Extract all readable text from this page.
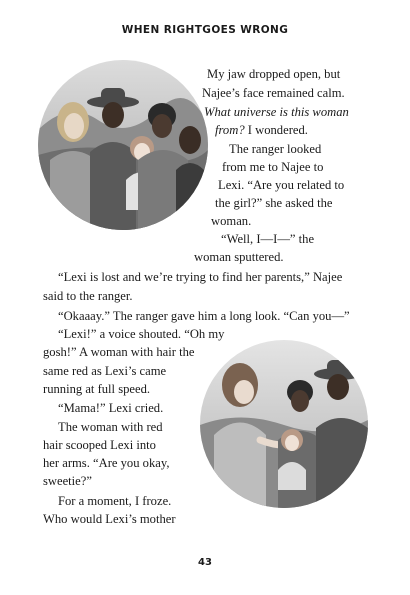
WHEN RIGHTGOES WRONG
My jaw dropped open, but
Najee’s face remained calm.
What universe is this woman
from? I wondered.
The ranger looked
from me to Najee to
Lexi. “Are you related to
the girl?” she asked the
woman.
“Well, I—I—” the
woman sputtered.
“Lexi is lost and we’re trying to find her parents,” Najee
said to the ranger.
“Okaaay.” The ranger gave him a long look. “Can you—”
“Lexi!” a voice shouted. “Oh my
gosh!” A woman with hair the
same red as Lexi’s came
running at full speed.
“Mama!” Lexi cried.
The woman with red
hair scooped Lexi into
her arms. “Are you okay,
sweetie?”
For a moment, I froze.
Who would Lexi’s mother
43
